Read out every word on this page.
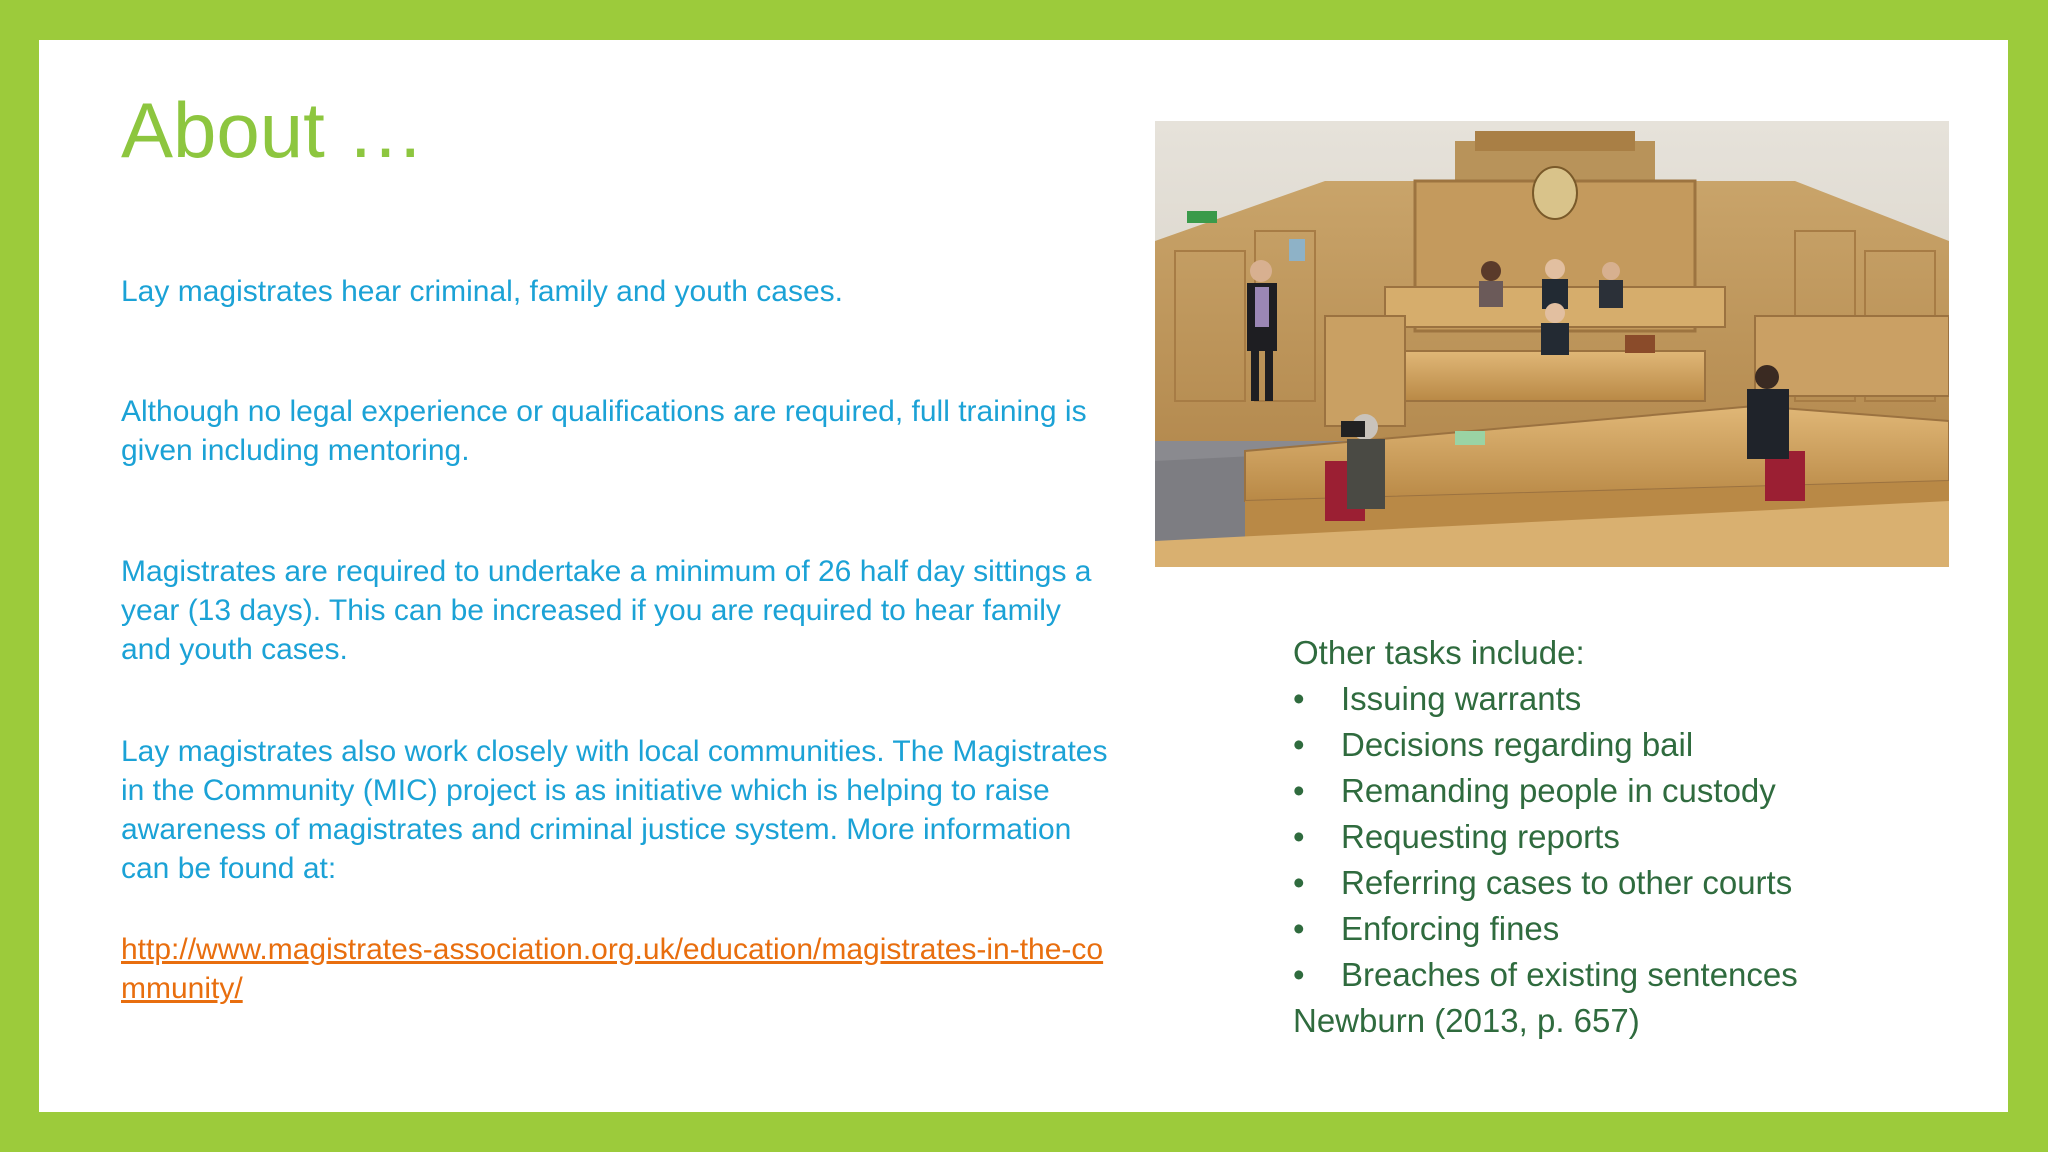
About …

Lay magistrates hear criminal, family and youth cases.

Although no legal experience or qualifications are required, full training is given including mentoring.

Magistrates are required to undertake a minimum of 26 half day sittings a year (13 days). This can be increased if you are required to hear family and youth cases.

Lay magistrates also work closely with local communities. The Magistrates in the Community (MIC) project is as initiative which is helping to raise awareness of magistrates and criminal justice system. More information can be found at:

http://www.magistrates-association.org.uk/education/magistrates-in-the-community/
Other tasks include:
• Issuing warrants
• Decisions regarding bail
• Remanding people in custody
• Requesting reports
• Referring cases to other courts
• Enforcing fines
• Breaches of existing sentences
Newburn (2013, p. 657)
